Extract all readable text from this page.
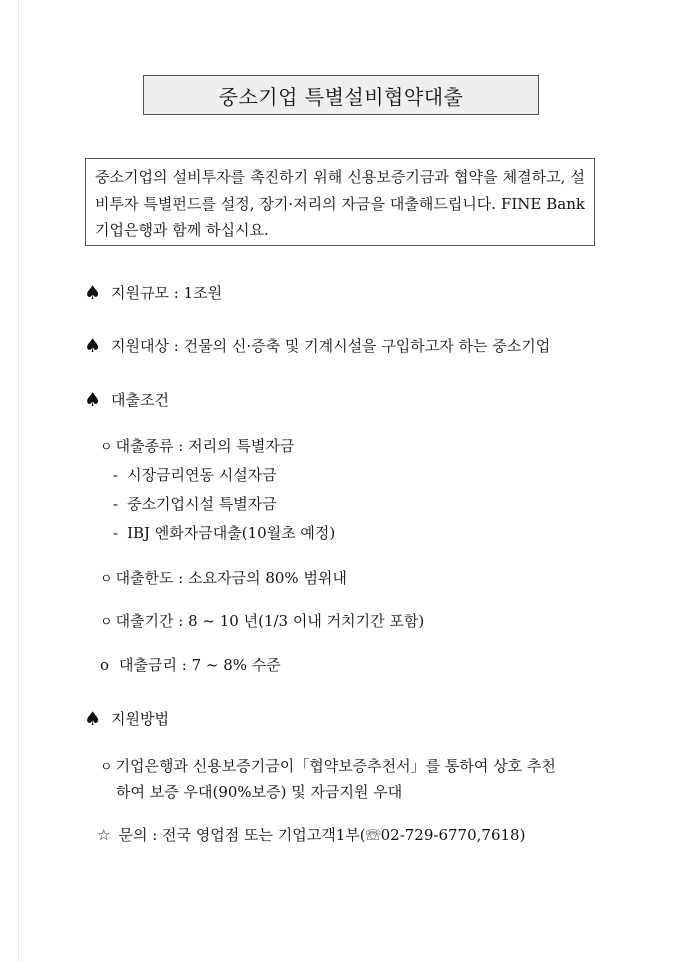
중소기업 특별설비협약대출
중소기업의 설비투자를 촉진하기 위해 신용보증기금과 협약을 체결하고, 설비투자 특별펀드를 설정, 장기·저리의 자금을 대출해드립니다. FINE Bank 기업은행과 함께 하십시요.
♠ 지원규모 : 1조원
♠ 지원대상 : 건물의 신·증축 및 기계시설을 구입하고자 하는 중소기업
♠ 대출조건
ㅇ 대출종류 : 저리의 특별자금
- 시장금리연동 시설자금
- 중소기업시설 특별자금
- IBJ 엔화자금대출(10월초 예정)
ㅇ 대출한도 : 소요자금의 80% 범위내
ㅇ 대출기간 : 8 ~ 10 년(1/3 이내 거치기간 포함)
o 대출금리 : 7 ~ 8% 수준
♠ 지원방법
ㅇ 기업은행과 신용보증기금이「협약보증추천서」를 통하여 상호 추천
하여 보증 우대(90%보증) 및 자금지원 우대
☆ 문의 : 전국 영업점 또는 기업고객1부(☏02-729-6770,7618)
